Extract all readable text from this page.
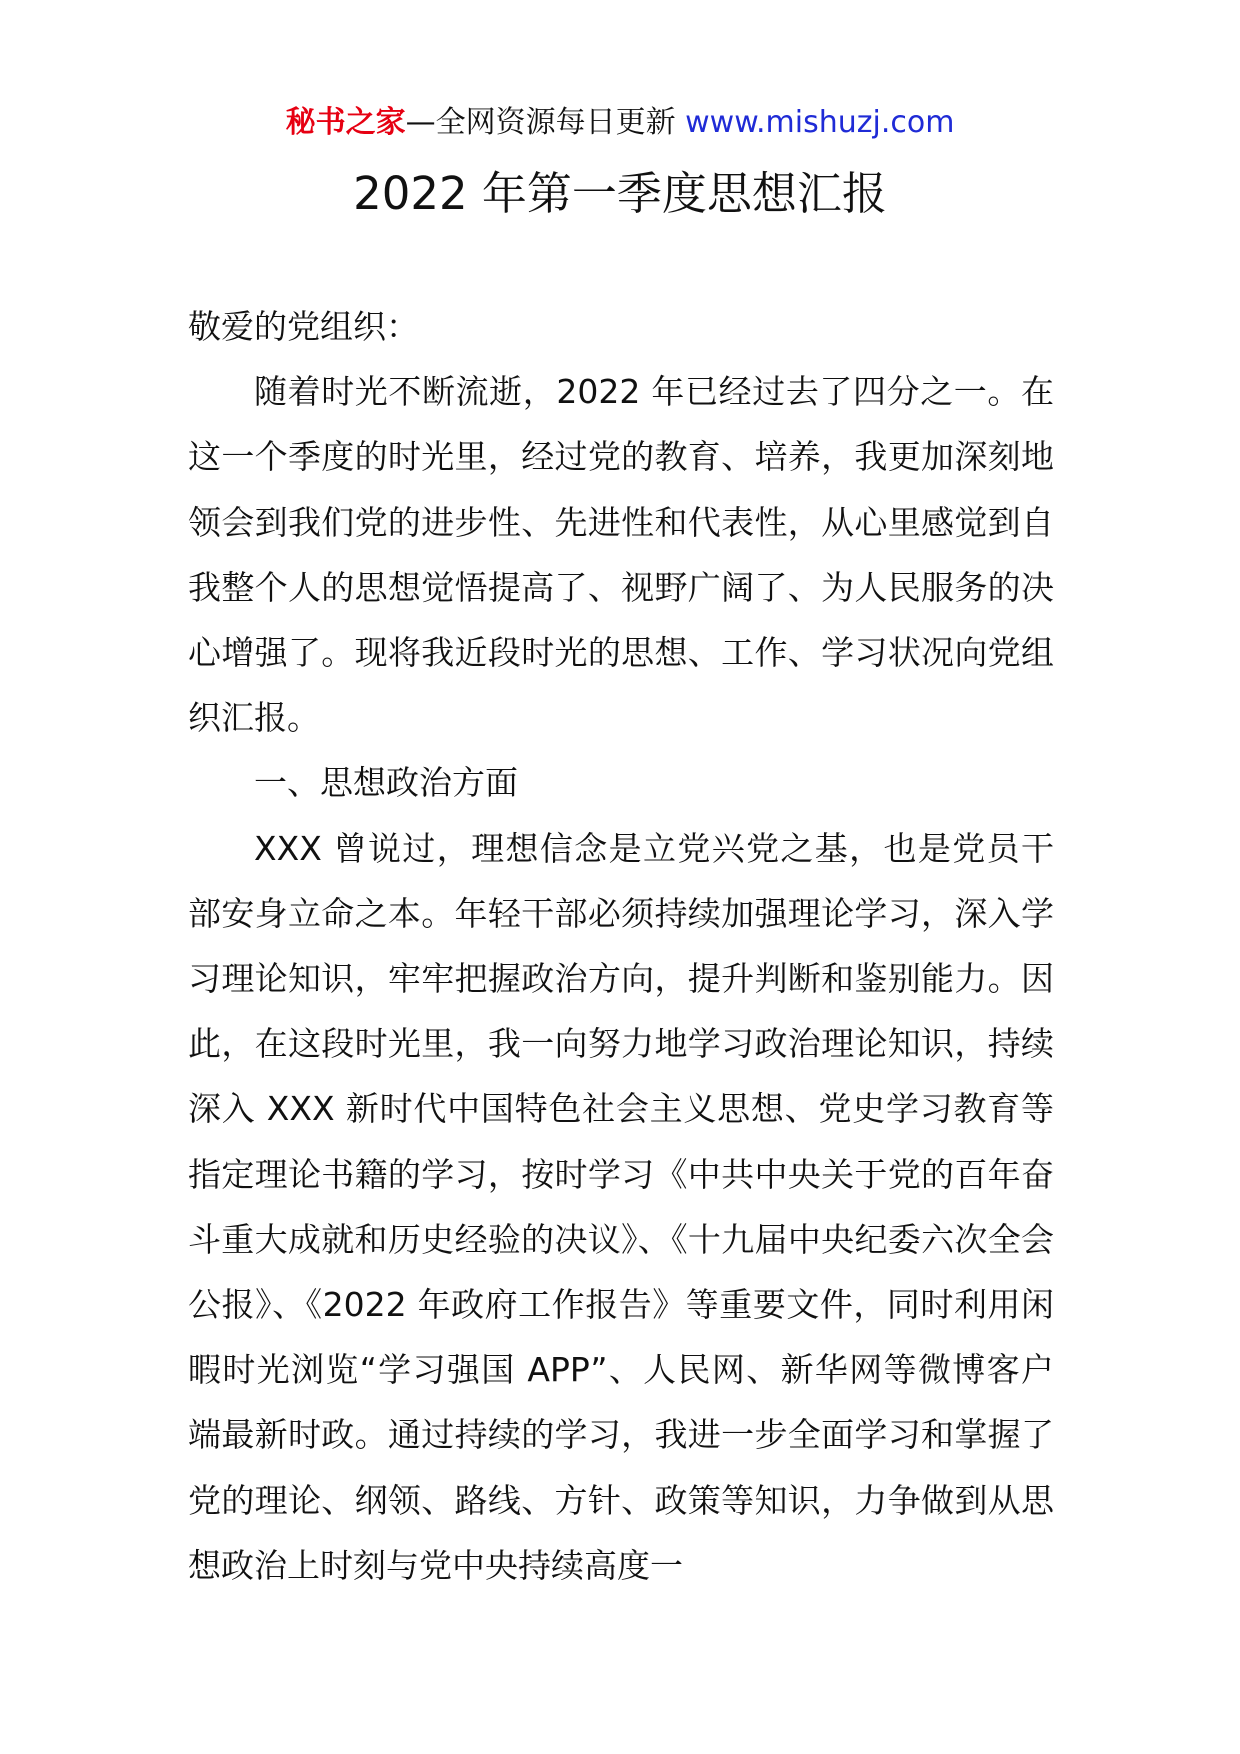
秘书之家—全网资源每日更新 www.mishuzj.com
2022 年第一季度思想汇报

敬爱的党组织：

随着时光不断流逝，2022 年已经过去了四分之一。在这一个季度的时光里，经过党的教育、培养，我更加深刻地领会到我们党的进步性、先进性和代表性，从心里感觉到自我整个人的思想觉悟提高了、视野广阔了、为人民服务的决心增强了。现将我近段时光的思想、工作、学习状况向党组织汇报。

一、思想政治方面

XXX 曾说过，理想信念是立党兴党之基，也是党员干部安身立命之本。年轻干部必须持续加强理论学习，深入学习理论知识，牢牢把握政治方向，提升判断和鉴别能力。因此，在这段时光里，我一向努力地学习政治理论知识，持续深入 XXX 新时代中国特色社会主义思想、党史学习教育等指定理论书籍的学习，按时学习《中共中央关于党的百年奋斗重大成就和历史经验的决议》、《十九届中央纪委六次全会公报》、《2022 年政府工作报告》等重要文件，同时利用闲暇时光浏览“学习强国 APP”、人民网、新华网等微博客户端最新时政。通过持续的学习，我进一步全面学习和掌握了党的理论、纲领、路线、方针、政策等知识，力争做到从思想政治上时刻与党中央持续高度一
